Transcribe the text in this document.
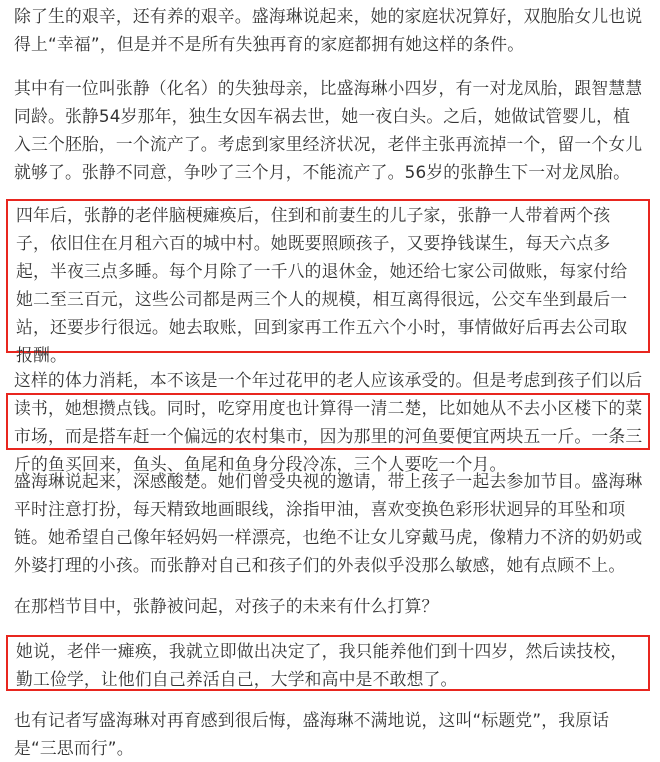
除了生的艰辛，还有养的艰辛。盛海琳说起来，她的家庭状况算好，双胞胎女儿也说得上“幸福”，但是并不是所有失独再育的家庭都拥有她这样的条件。

其中有一位叫张静（化名）的失独母亲，比盛海琳小四岁，有一对龙凤胎，跟智慧慧同龄。张静54岁那年，独生女因车祸去世，她一夜白头。之后，她做试管婴儿，植入三个胚胎，一个流产了。考虑到家里经济状况，老伴主张再流掉一个，留一个女儿就够了。张静不同意，争吵了三个月，不能流产了。56岁的张静生下一对龙凤胎。

四年后，张静的老伴脑梗瘫痪后，住到和前妻生的儿子家，张静一人带着两个孩子，依旧住在月租六百的城中村。她既要照顾孩子，又要挣钱谋生，每天六点多起，半夜三点多睡。每个月除了一千八的退休金，她还给七家公司做账，每家付给她二至三百元，这些公司都是两三个人的规模，相互离得很远，公交车坐到最后一站，还要步行很远。她去取账，回到家再工作五六个小时，事情做好后再去公司取报酬。

这样的体力消耗，本不该是一个年过花甲的老人应该承受的。但是考虑到孩子们以后读书，她想攒点钱。同时，吃穿用度也计算得一清二楚，比如她从不去小区楼下的菜市场，而是搭车赶一个偏远的农村集市，因为那里的河鱼要便宜两块五一斤。一条三斤的鱼买回来，鱼头、鱼尾和鱼身分段冷冻，三个人要吃一个月。

盛海琳说起来，深感酸楚。她们曾受央视的邀请，带上孩子一起去参加节目。盛海琳平时注意打扮，每天精致地画眼线，涂指甲油，喜欢变换色彩形状迥异的耳坠和项链。她希望自己像年轻妈妈一样漂亮，也绝不让女儿穿戴马虎，像精力不济的奶奶或外婆打理的小孩。而张静对自己和孩子们的外表似乎没那么敏感，她有点顾不上。

在那档节目中，张静被问起，对孩子的未来有什么打算？

她说，老伴一瘫痪，我就立即做出决定了，我只能养他们到十四岁，然后读技校，勤工俭学，让他们自己养活自己，大学和高中是不敢想了。

也有记者写盛海琳对再育感到很后悔，盛海琳不满地说，这叫“标题党”，我原话是“三思而行”。
